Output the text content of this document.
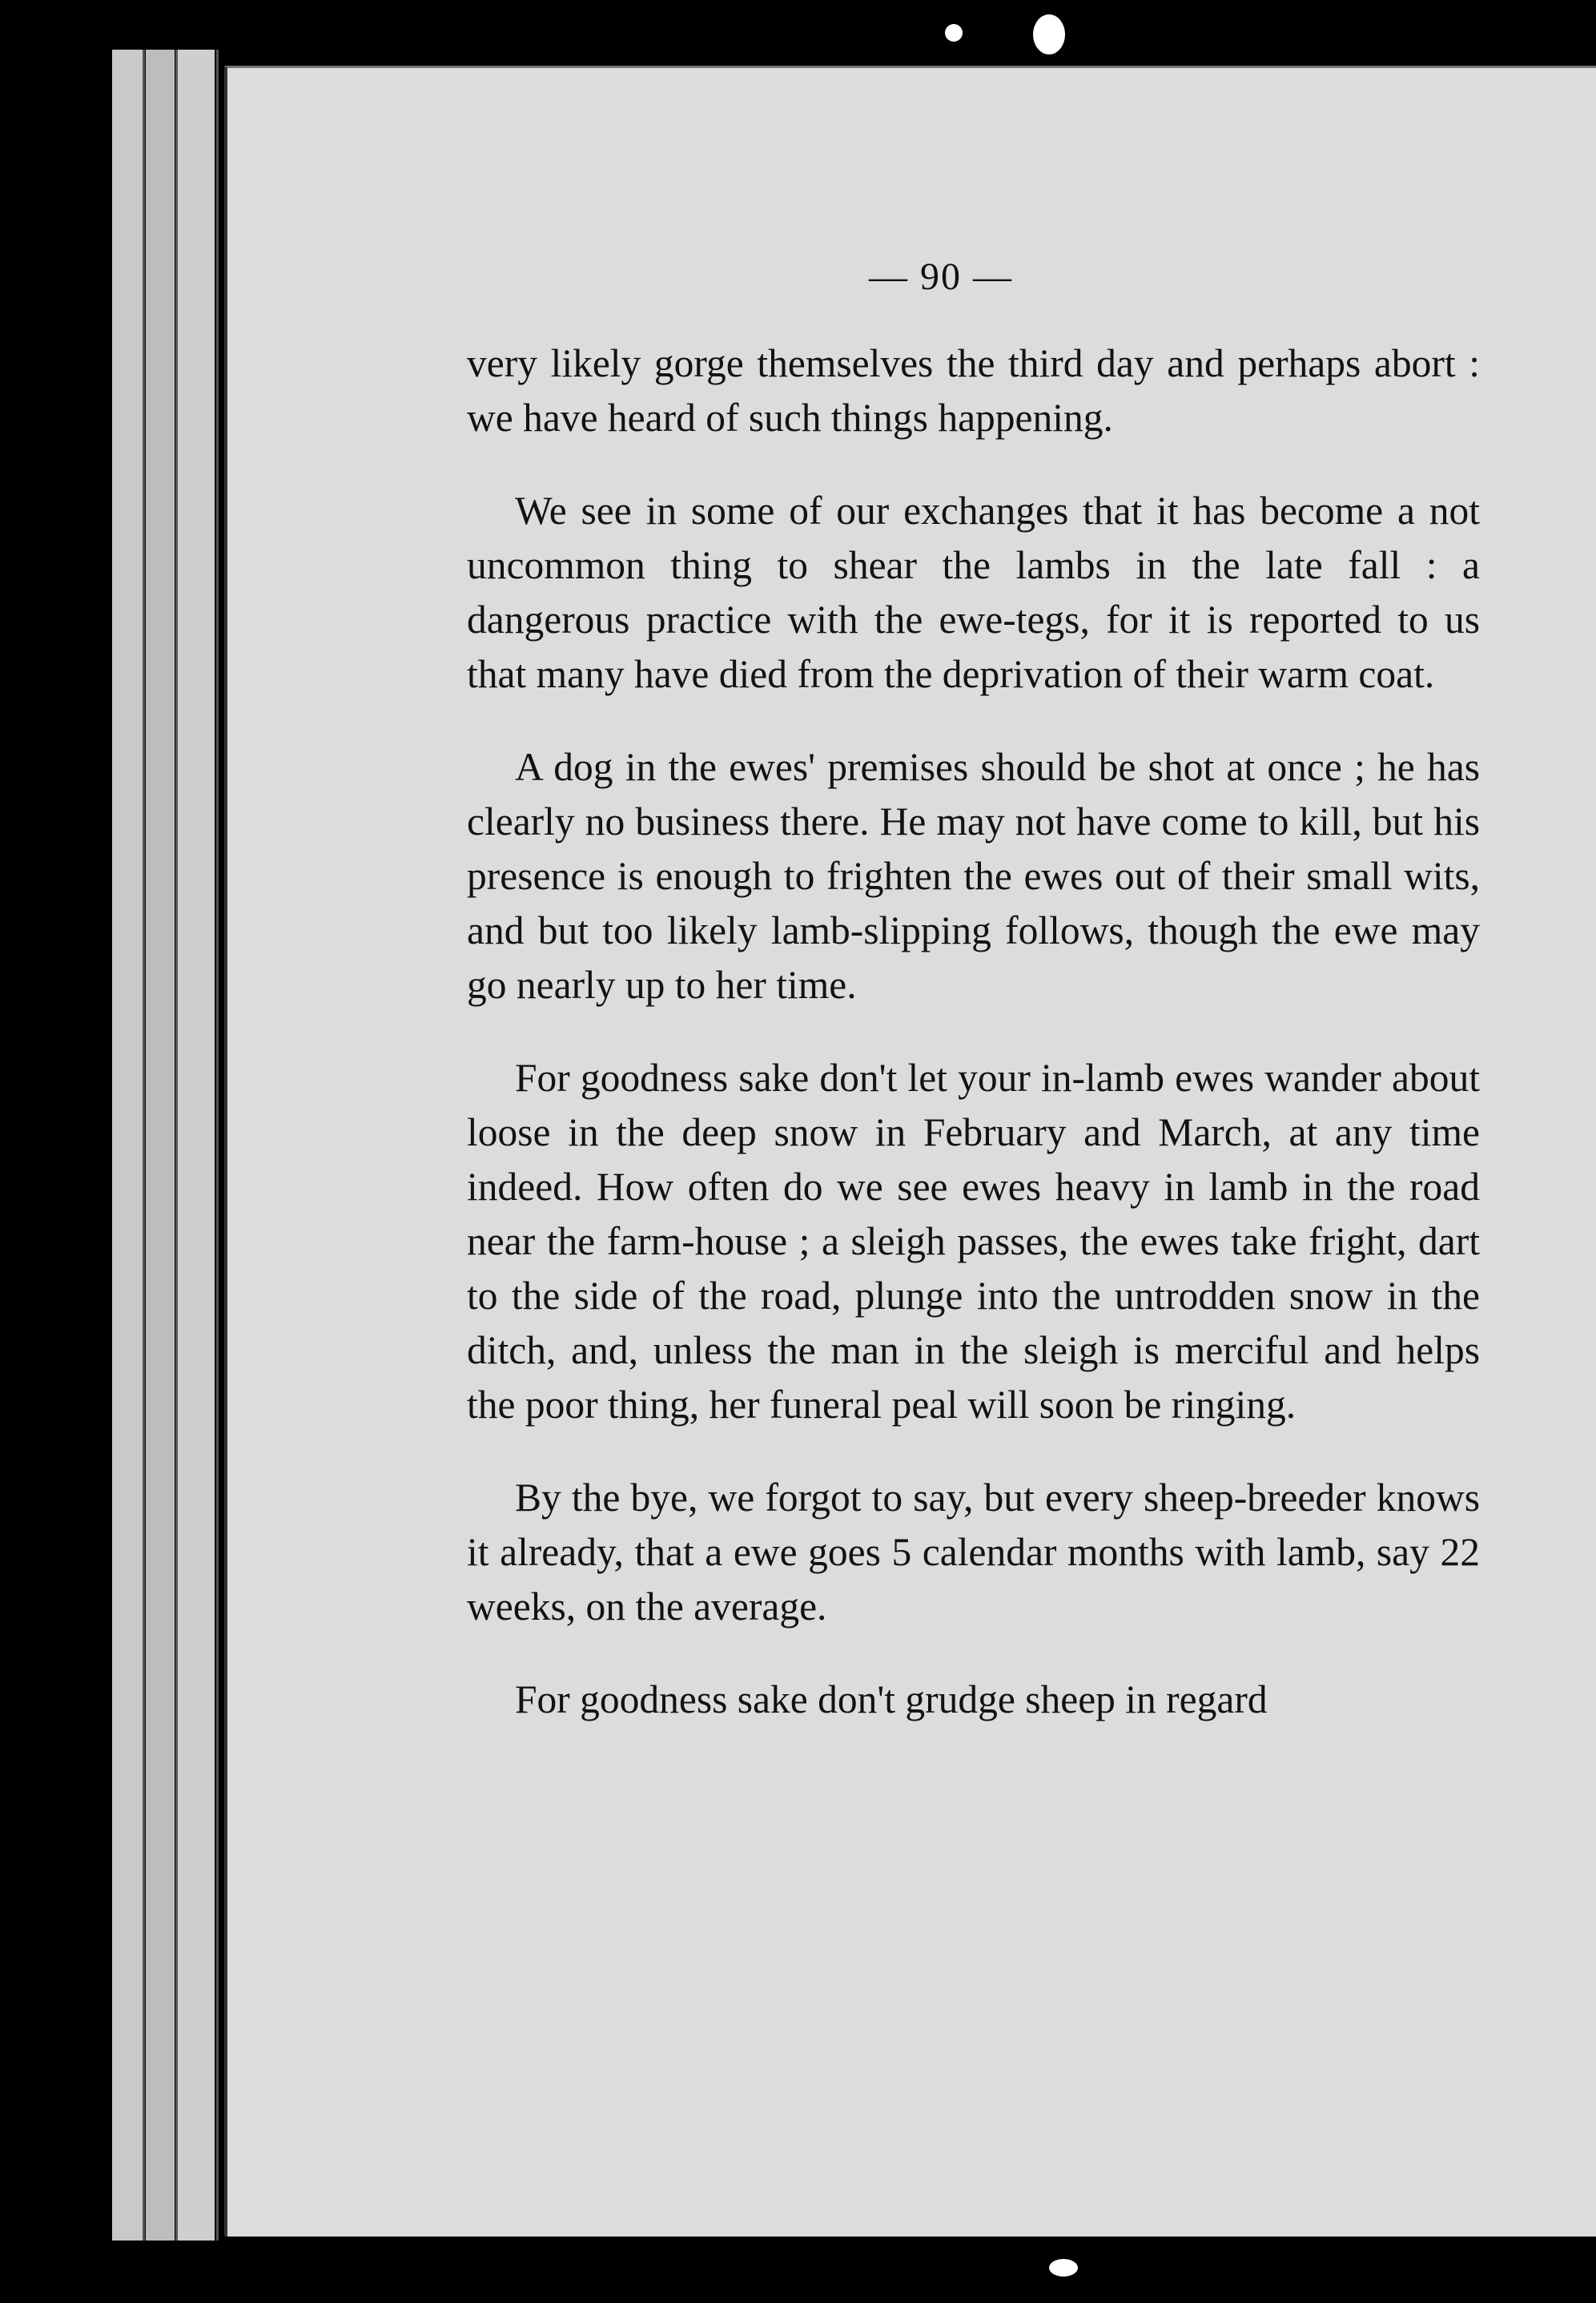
— 90 —

very likely gorge themselves the third day and perhaps abort : we have heard of such things happening.

We see in some of our exchanges that it has become a not uncommon thing to shear the lambs in the late fall : a dangerous practice with the ewe-tegs, for it is reported to us that many have died from the deprivation of their warm coat.

A dog in the ewes' premises should be shot at once ; he has clearly no business there. He may not have come to kill, but his presence is enough to frighten the ewes out of their small wits, and but too likely lamb-slipping follows, though the ewe may go nearly up to her time.

For goodness sake don't let your in-lamb ewes wander about loose in the deep snow in February and March, at any time indeed. How often do we see ewes heavy in lamb in the road near the farm-house ; a sleigh passes, the ewes take fright, dart to the side of the road, plunge into the untrodden snow in the ditch, and, unless the man in the sleigh is merciful and helps the poor thing, her funeral peal will soon be ringing.

By the bye, we forgot to say, but every sheep-breeder knows it already, that a ewe goes 5 calendar months with lamb, say 22 weeks, on the average.

For goodness sake don't grudge sheep in regard
